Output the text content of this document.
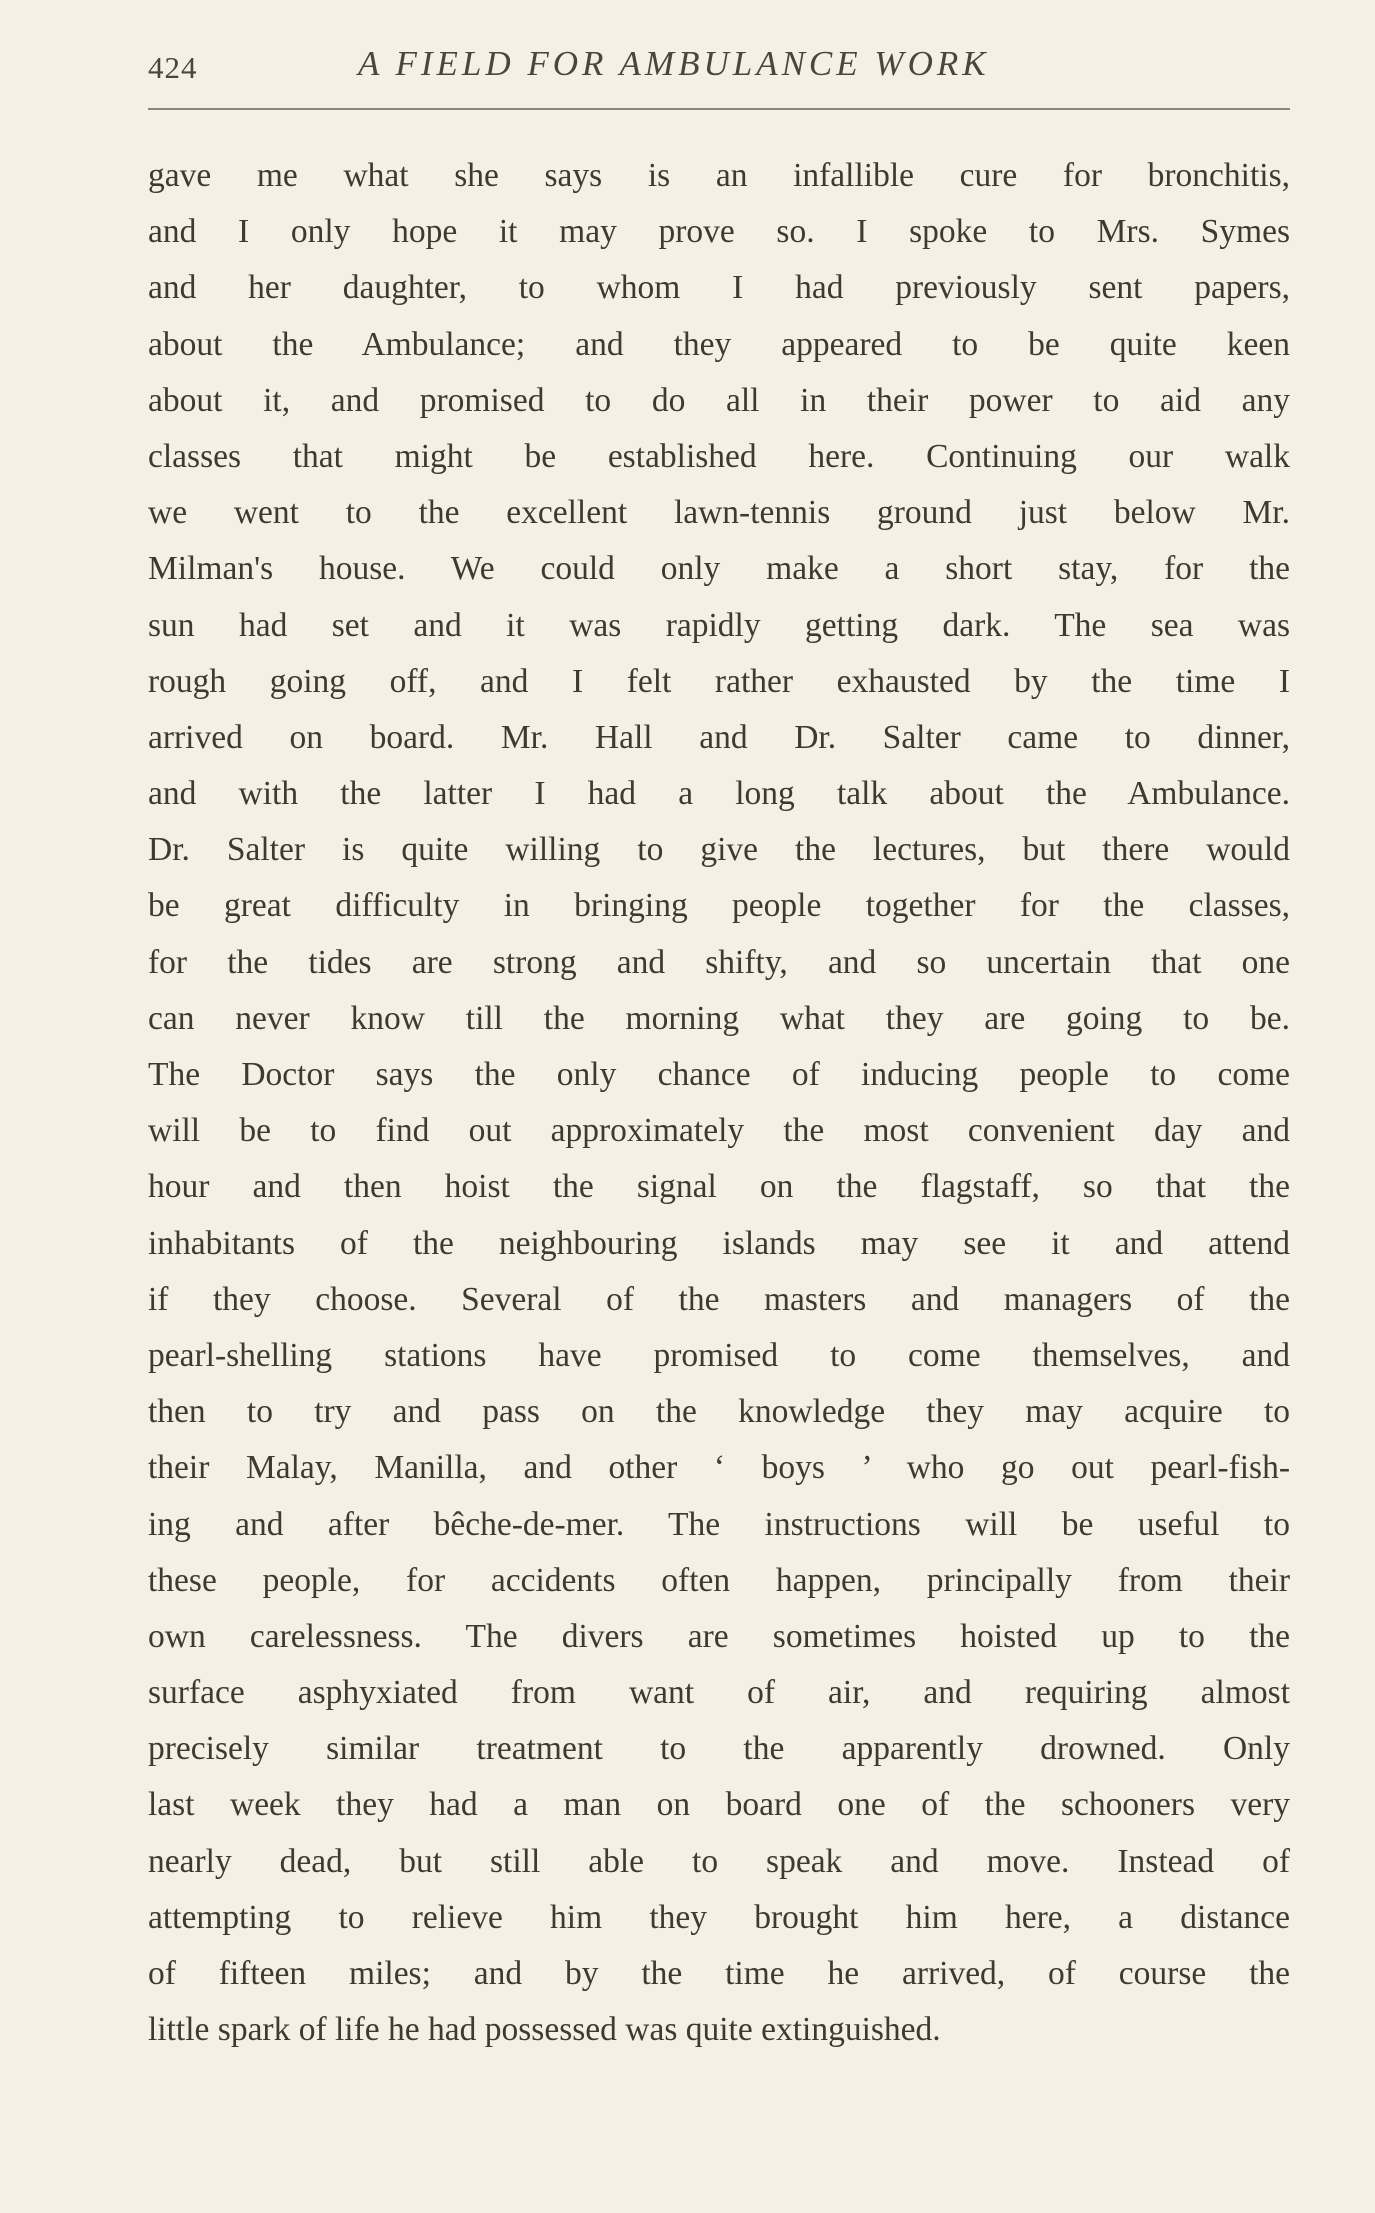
424	A FIELD FOR AMBULANCE WORK
gave me what she says is an infallible cure for bronchitis,
and I only hope it may prove so. I spoke to Mrs. Symes
and her daughter, to whom I had previously sent papers,
about the Ambulance; and they appeared to be quite keen
about it, and promised to do all in their power to aid any
classes that might be established here. Continuing our walk
we went to the excellent lawn-tennis ground just below Mr.
Milman's house. We could only make a short stay, for the
sun had set and it was rapidly getting dark. The sea was
rough going off, and I felt rather exhausted by the time I
arrived on board. Mr. Hall and Dr. Salter came to dinner,
and with the latter I had a long talk about the Ambulance.
Dr. Salter is quite willing to give the lectures, but there would
be great difficulty in bringing people together for the classes,
for the tides are strong and shifty, and so uncertain that one
can never know till the morning what they are going to be.
The Doctor says the only chance of inducing people to come
will be to find out approximately the most convenient day and
hour and then hoist the signal on the flagstaff, so that the
inhabitants of the neighbouring islands may see it and attend
if they choose. Several of the masters and managers of the
pearl-shelling stations have promised to come themselves, and
then to try and pass on the knowledge they may acquire to
their Malay, Manilla, and other ‘ boys ’ who go out pearl-fish-
ing and after bêche-de-mer. The instructions will be useful to
these people, for accidents often happen, principally from their
own carelessness. The divers are sometimes hoisted up to the
surface asphyxiated from want of air, and requiring almost
precisely similar treatment to the apparently drowned. Only
last week they had a man on board one of the schooners very
nearly dead, but still able to speak and move. Instead of
attempting to relieve him they brought him here, a distance
of fifteen miles; and by the time he arrived, of course the
little spark of life he had possessed was quite extinguished.
